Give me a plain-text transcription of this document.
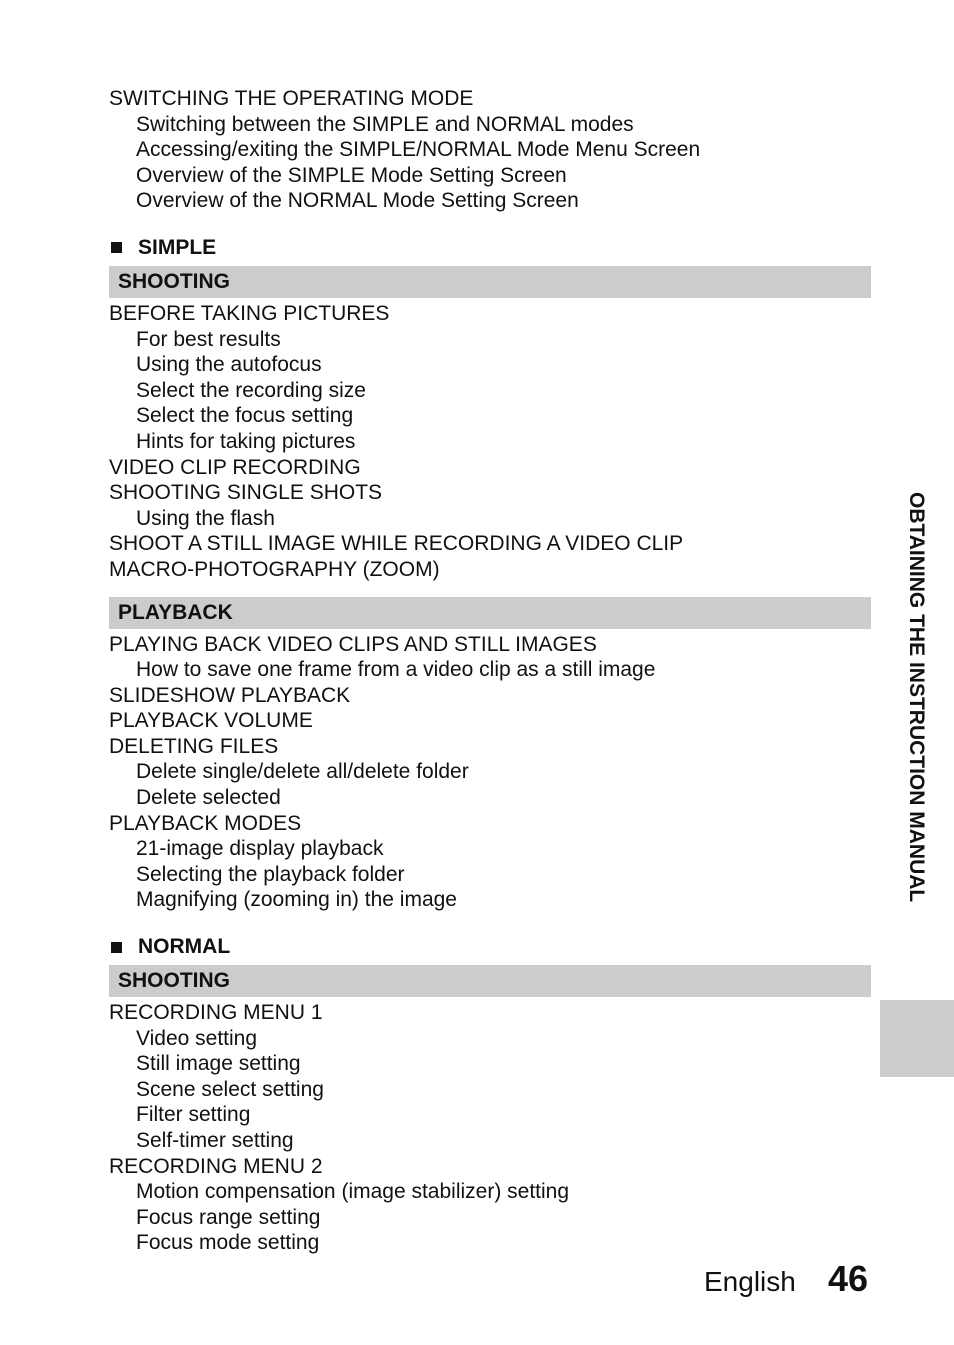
SWITCHING THE OPERATING MODE
Switching between the SIMPLE and NORMAL modes
Accessing/exiting the SIMPLE/NORMAL Mode Menu Screen
Overview of the SIMPLE Mode Setting Screen
Overview of the NORMAL Mode Setting Screen
SIMPLE
SHOOTING
BEFORE TAKING PICTURES
For best results
Using the autofocus
Select the recording size
Select the focus setting
Hints for taking pictures
VIDEO CLIP RECORDING
SHOOTING SINGLE SHOTS
Using the flash
SHOOT A STILL IMAGE WHILE RECORDING A VIDEO CLIP
MACRO-PHOTOGRAPHY (ZOOM)
PLAYBACK
PLAYING BACK VIDEO CLIPS AND STILL IMAGES
How to save one frame from a video clip as a still image
SLIDESHOW PLAYBACK
PLAYBACK VOLUME
DELETING FILES
Delete single/delete all/delete folder
Delete selected
PLAYBACK MODES
21-image display playback
Selecting the playback folder
Magnifying (zooming in) the image
NORMAL
SHOOTING
RECORDING MENU 1
Video setting
Still image setting
Scene select setting
Filter setting
Self-timer setting
RECORDING MENU 2
Motion compensation (image stabilizer) setting
Focus range setting
Focus mode setting
OBTAINING THE INSTRUCTION MANUAL
English 46
